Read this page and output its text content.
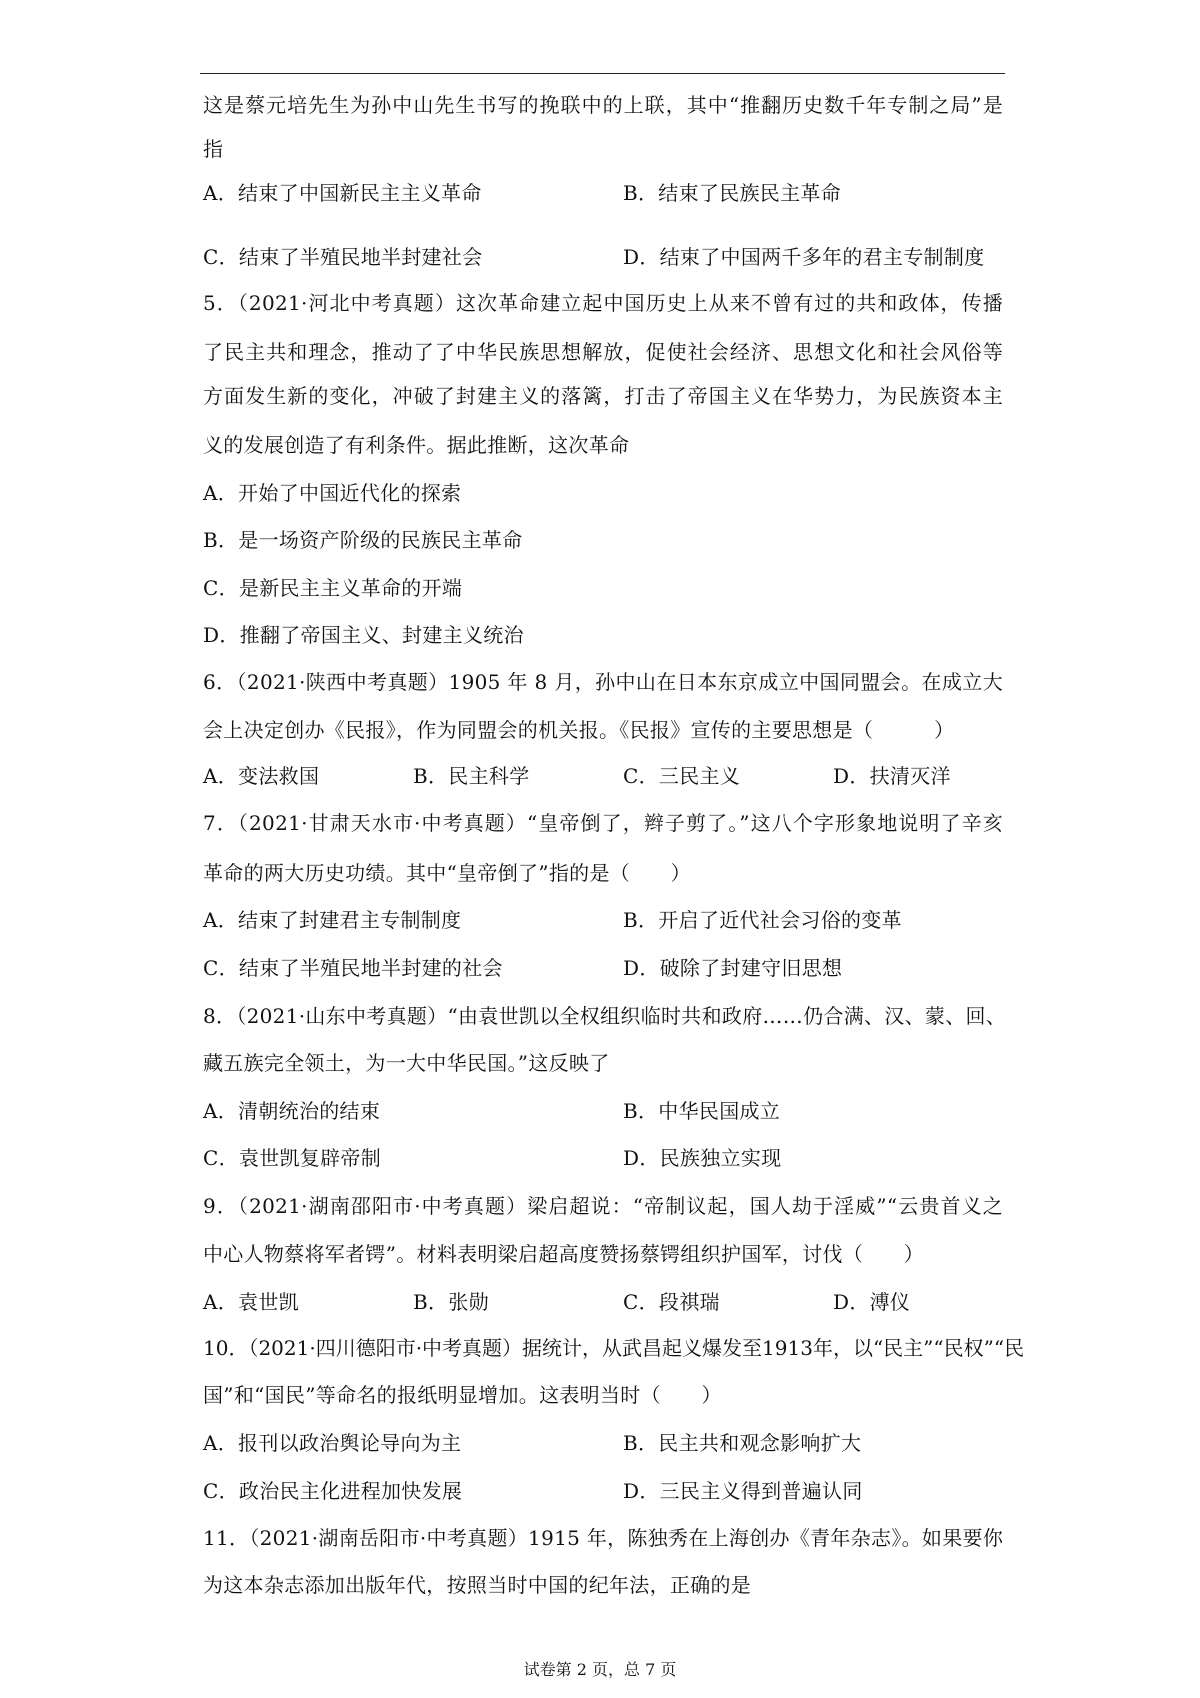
这是蔡元培先生为孙中山先生书写的挽联中的上联，其中“推翻历史数千年专制之局”是
指
A．结束了中国新民主主义革命	B．结束了民族民主革命
C．结束了半殖民地半封建社会	D．结束了中国两千多年的君主专制制度
5．（2021·河北中考真题）这次革命建立起中国历史上从来不曾有过的共和政体，传播
了民主共和理念，推动了了中华民族思想解放，促使社会经济、思想文化和社会风俗等
方面发生新的变化，冲破了封建主义的落篱，打击了帝国主义在华势力，为民族资本主
义的发展创造了有利条件。据此推断，这次革命
A．开始了中国近代化的探索
B．是一场资产阶级的民族民主革命
C．是新民主主义革命的开端
D．推翻了帝国主义、封建主义统治
6．（2021·陕西中考真题）1905 年 8 月，孙中山在日本东京成立中国同盟会。在成立大
会上决定创办《民报》，作为同盟会的机关报。《民报》宣传的主要思想是（　　　）
A．变法救国	B．民主科学	C．三民主义	D．扶清灭洋
7．（2021·甘肃天水市·中考真题）“皇帝倒了，辫子剪了。”这八个字形象地说明了辛亥
革命的两大历史功绩。其中“皇帝倒了”指的是（　　）
A．结束了封建君主专制制度	B．开启了近代社会习俗的变革
C．结束了半殖民地半封建的社会	D．破除了封建守旧思想
8．（2021·山东中考真题）“由袁世凯以全权组织临时共和政府……仍合满、汉、蒙、回、
藏五族完全领土，为一大中华民国。”这反映了
A．清朝统治的结束	B．中华民国成立
C．袁世凯复辟帝制	D．民族独立实现
9．（2021·湖南邵阳市·中考真题）梁启超说：“帝制议起，国人劫于淫威”“云贵首义之
中心人物蔡将军者锷”。材料表明梁启超高度赞扬蔡锷组织护国军，讨伐（　　）
A．袁世凯	B．张勋	C．段祺瑞	D．溥仪
10．（2021·四川德阳市·中考真题）据统计，从武昌起义爆发至1913年，以“民主”“民权”“民
国”和“国民”等命名的报纸明显增加。这表明当时（　　）
A．报刊以政治舆论导向为主	B．民主共和观念影响扩大
C．政治民主化进程加快发展	D．三民主义得到普遍认同
11．（2021·湖南岳阳市·中考真题）1915 年，陈独秀在上海创办《青年杂志》。如果要你
为这本杂志添加出版年代，按照当时中国的纪年法，正确的是
试卷第 2 页，总 7 页
